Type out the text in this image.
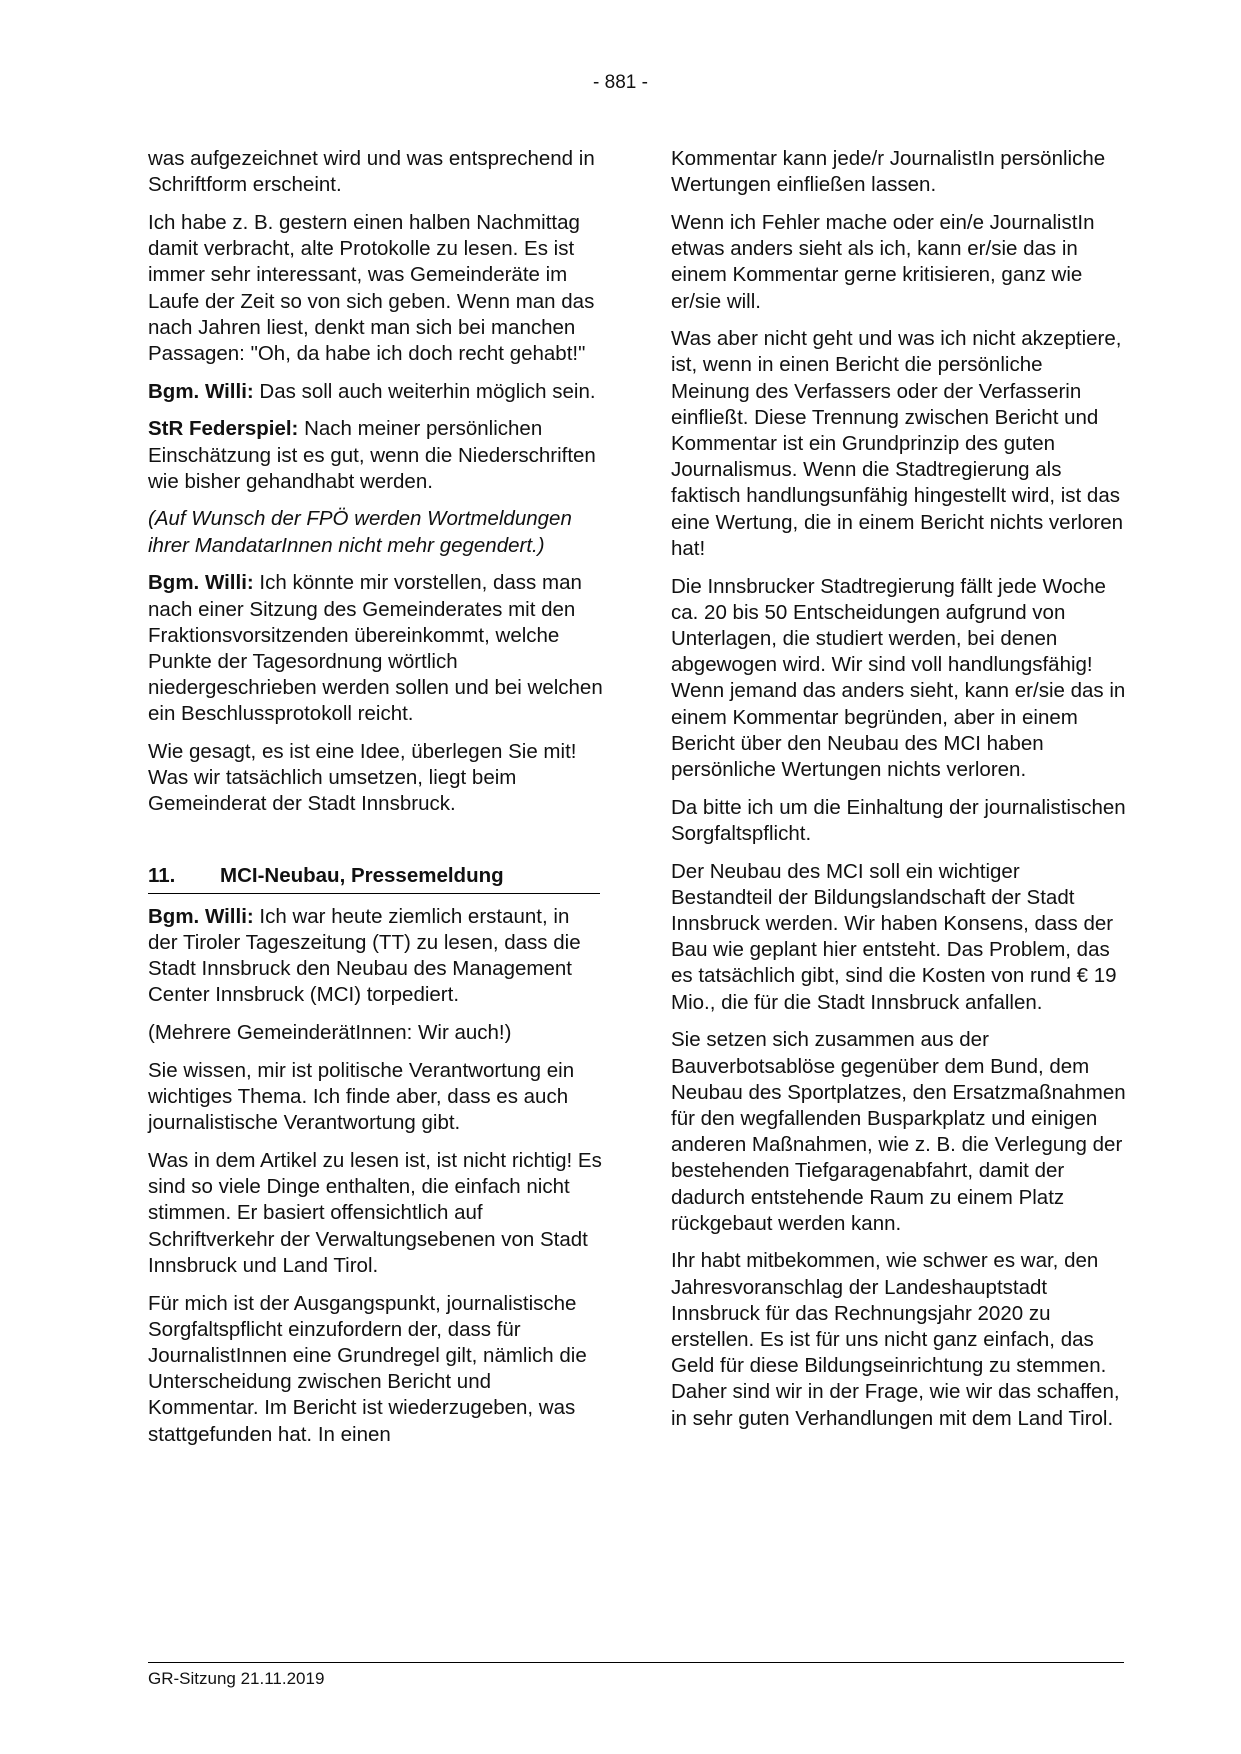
- 881 -

was aufgezeichnet wird und was entsprechend in Schriftform erscheint.

Ich habe z. B. gestern einen halben Nachmittag damit verbracht, alte Protokolle zu lesen. Es ist immer sehr interessant, was Gemeinderäte im Laufe der Zeit so von sich geben. Wenn man das nach Jahren liest, denkt man sich bei manchen Passagen: "Oh, da habe ich doch recht gehabt!"

Bgm. Willi: Das soll auch weiterhin möglich sein.

StR Federspiel: Nach meiner persönlichen Einschätzung ist es gut, wenn die Niederschriften wie bisher gehandhabt werden.

(Auf Wunsch der FPÖ werden Wortmeldungen ihrer MandatarInnen nicht mehr gegendert.)

Bgm. Willi: Ich könnte mir vorstellen, dass man nach einer Sitzung des Gemeinderates mit den Fraktionsvorsitzenden übereinkommt, welche Punkte der Tagesordnung wörtlich niedergeschrieben werden sollen und bei welchen ein Beschlussprotokoll reicht.

Wie gesagt, es ist eine Idee, überlegen Sie mit! Was wir tatsächlich umsetzen, liegt beim Gemeinderat der Stadt Innsbruck.

11. MCI-Neubau, Pressemeldung

Bgm. Willi: Ich war heute ziemlich erstaunt, in der Tiroler Tageszeitung (TT) zu lesen, dass die Stadt Innsbruck den Neubau des Management Center Innsbruck (MCI) torpediert.

(Mehrere GemeinderätInnen: Wir auch!)

Sie wissen, mir ist politische Verantwortung ein wichtiges Thema. Ich finde aber, dass es auch journalistische Verantwortung gibt.

Was in dem Artikel zu lesen ist, ist nicht richtig! Es sind so viele Dinge enthalten, die einfach nicht stimmen. Er basiert offensichtlich auf Schriftverkehr der Verwaltungsebenen von Stadt Innsbruck und Land Tirol.

Für mich ist der Ausgangspunkt, journalistische Sorgfaltspflicht einzufordern der, dass für JournalistInnen eine Grundregel gilt, nämlich die Unterscheidung zwischen Bericht und Kommentar. Im Bericht ist wiederzugeben, was stattgefunden hat. In einen

Kommentar kann jede/r JournalistIn persönliche Wertungen einfließen lassen.

Wenn ich Fehler mache oder ein/e JournalistIn etwas anders sieht als ich, kann er/sie das in einem Kommentar gerne kritisieren, ganz wie er/sie will.

Was aber nicht geht und was ich nicht akzeptiere, ist, wenn in einen Bericht die persönliche Meinung des Verfassers oder der Verfasserin einfließt. Diese Trennung zwischen Bericht und Kommentar ist ein Grundprinzip des guten Journalismus. Wenn die Stadtregierung als faktisch handlungsunfähig hingestellt wird, ist das eine Wertung, die in einem Bericht nichts verloren hat!

Die Innsbrucker Stadtregierung fällt jede Woche ca. 20 bis 50 Entscheidungen aufgrund von Unterlagen, die studiert werden, bei denen abgewogen wird. Wir sind voll handlungsfähig! Wenn jemand das anders sieht, kann er/sie das in einem Kommentar begründen, aber in einem Bericht über den Neubau des MCI haben persönliche Wertungen nichts verloren.

Da bitte ich um die Einhaltung der journalistischen Sorgfaltspflicht.

Der Neubau des MCI soll ein wichtiger Bestandteil der Bildungslandschaft der Stadt Innsbruck werden. Wir haben Konsens, dass der Bau wie geplant hier entsteht. Das Problem, das es tatsächlich gibt, sind die Kosten von rund € 19 Mio., die für die Stadt Innsbruck anfallen.

Sie setzen sich zusammen aus der Bauverbotsablöse gegenüber dem Bund, dem Neubau des Sportplatzes, den Ersatzmaßnahmen für den wegfallenden Busparkplatz und einigen anderen Maßnahmen, wie z. B. die Verlegung der bestehenden Tiefgaragenabfahrt, damit der dadurch entstehende Raum zu einem Platz rückgebaut werden kann.

Ihr habt mitbekommen, wie schwer es war, den Jahresvoranschlag der Landeshauptstadt Innsbruck für das Rechnungsjahr 2020 zu erstellen. Es ist für uns nicht ganz einfach, das Geld für diese Bildungseinrichtung zu stemmen. Daher sind wir in der Frage, wie wir das schaffen, in sehr guten Verhandlungen mit dem Land Tirol.

GR-Sitzung 21.11.2019
